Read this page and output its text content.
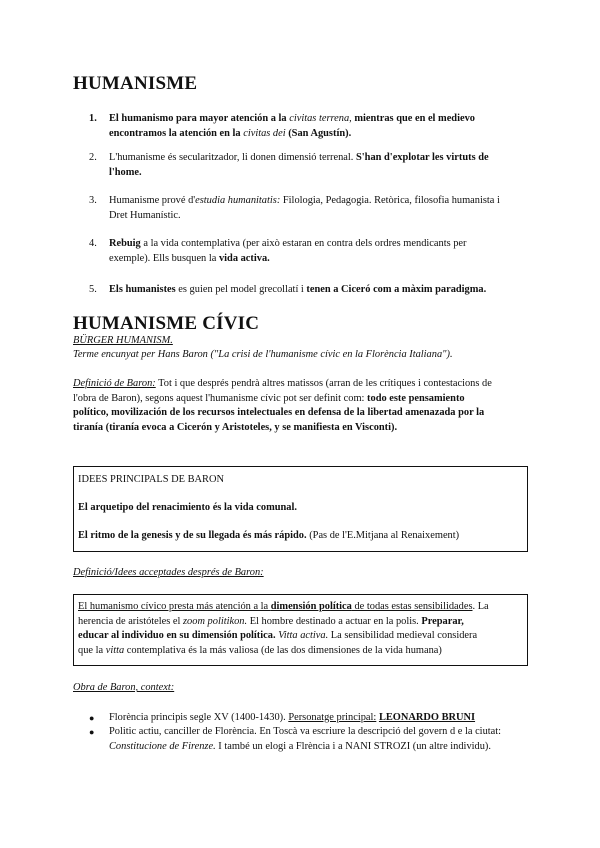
HUMANISME
1.	El humanismo para mayor atención a la civitas terrena, mientras que en el medievo
encontramos la atención en la civitas dei (San Agustín).
2.	L'humanisme és secularitzador, li donen dimensió terrenal. S'han d'explotar les virtuts de
l'home.
3.	Humanisme prové d'estudia humanitatis: Filologia, Pedagogia. Retòrica, filosofia humanista i
Dret Humanístic.
4.	Rebuig a la vida contemplativa (per això estaran en contra dels ordres mendicants per
exemple). Ells busquen la vida activa.
5.	Els humanistes es guien pel model grecollatí i tenen a Ciceró com a màxim paradigma.
HUMANISME CÍVIC
BÜRGER HUMANISM.
Terme encunyat per Hans Baron ("La crisi de l'humanisme cívic en la Florència Italiana").
Definició de Baron: Tot i que després pendrà altres matissos (arran de les crítiques i contestacions de
l'obra de Baron), segons aquest l'humanisme cívic pot ser definit com: todo este pensamiento
político, movilización de los recursos intelectuales en defensa de la libertad amenazada por la
tiranía (tiranía evoca a Cicerón y Aristoteles, y se manifiesta en Visconti).

IDEES PRINCIPALS DE BARON

El arquetipo del renacimiento és la vida comunal.

El ritmo de la genesis y de su llegada és más rápido. (Pas de l'E.Mitjana al Renaixement)

Definició/Idees acceptades després de Baron:

El humanismo cívico presta más atención a la dimensión política de todas estas sensibilidades. La
herencia de aristóteles el zoom politikon. El hombre destinado a actuar en la polis. Preparar,
educar al individuo en su dimensión política. Vitta activa. La sensibilidad medieval considera
que la vitta contemplativa és la más valiosa (de las dos dimensiones de la vida humana)

Obra de Baron, context:
● Florència principis segle XV (1400-1430). Personatge principal: LEONARDO BRUNI
● Politic actiu, canciller de Florència. En Toscà va escriure la descripció del govern d e la ciutat:
Constitucione de Firenze. I també un elogi a Flrència i a NANI STROZI (un altre individu).
